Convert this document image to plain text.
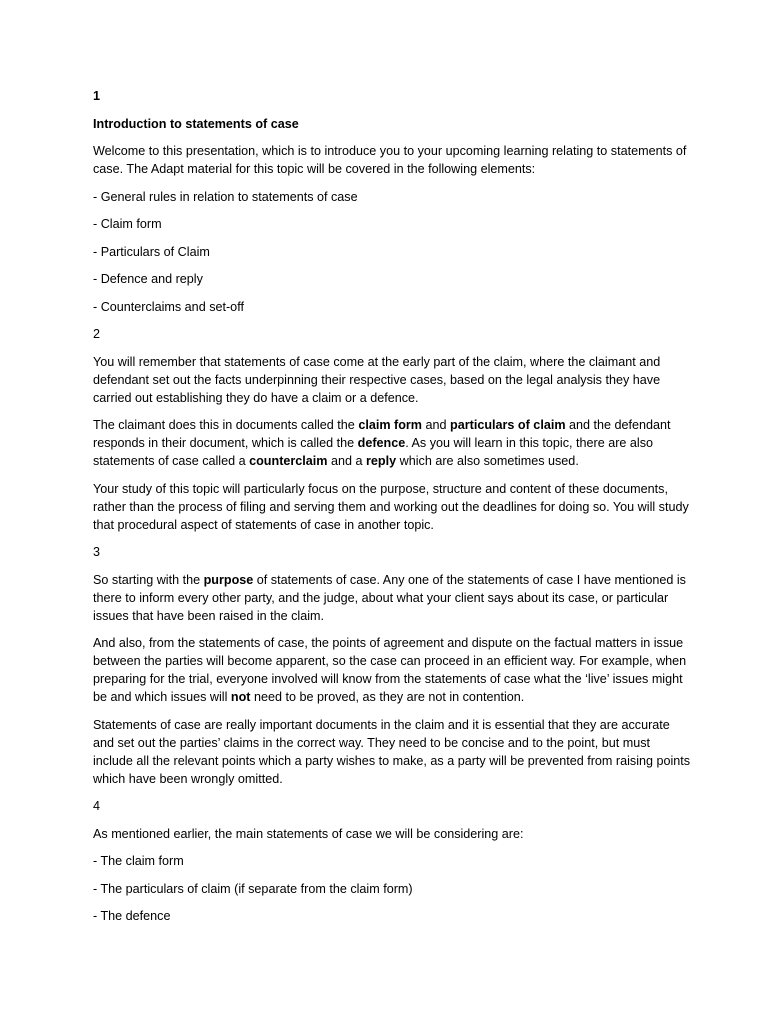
1

Introduction to statements of case

Welcome to this presentation, which is to introduce you to your upcoming learning relating to statements of case. The Adapt material for this topic will be covered in the following elements:

- General rules in relation to statements of case

- Claim form

- Particulars of Claim

- Defence and reply

- Counterclaims and set-off

2

You will remember that statements of case come at the early part of the claim, where the claimant and defendant set out the facts underpinning their respective cases, based on the legal analysis they have carried out establishing they do have a claim or a defence.

The claimant does this in documents called the claim form and particulars of claim and the defendant responds in their document, which is called the defence. As you will learn in this topic, there are also statements of case called a counterclaim and a reply which are also sometimes used.

Your study of this topic will particularly focus on the purpose, structure and content of these documents, rather than the process of filing and serving them and working out the deadlines for doing so. You will study that procedural aspect of statements of case in another topic.

3

So starting with the purpose of statements of case. Any one of the statements of case I have mentioned is there to inform every other party, and the judge, about what your client says about its case, or particular issues that have been raised in the claim.

And also, from the statements of case, the points of agreement and dispute on the factual matters in issue between the parties will become apparent, so the case can proceed in an efficient way. For example, when preparing for the trial, everyone involved will know from the statements of case what the ‘live’ issues might be and which issues will not need to be proved, as they are not in contention.

Statements of case are really important documents in the claim and it is essential that they are accurate and set out the parties’ claims in the correct way. They need to be concise and to the point, but must include all the relevant points which a party wishes to make, as a party will be prevented from raising points which have been wrongly omitted.

4

As mentioned earlier, the main statements of case we will be considering are:

- The claim form

- The particulars of claim (if separate from the claim form)

- The defence
